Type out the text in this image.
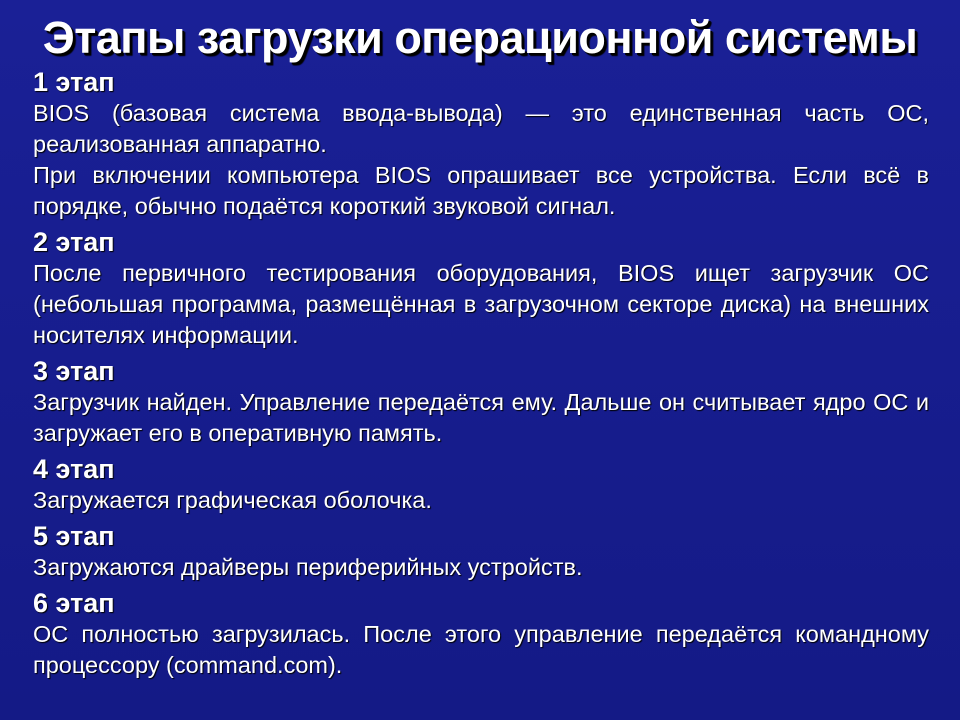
Этапы загрузки операционной системы
1 этап
BIOS (базовая система ввода-вывода) — это единственная часть ОС, реализованная аппаратно.
При включении компьютера BIOS опрашивает все устройства. Если всё в порядке, обычно подаётся короткий звуковой сигнал.
2 этап
После первичного тестирования оборудования, BIOS ищет загрузчик ОС (небольшая программа, размещённая в загрузочном секторе диска) на внешних носителях информации.
3 этап
Загрузчик найден. Управление передаётся ему. Дальше он считывает ядро ОС и загружает его в оперативную память.
4 этап
Загружается графическая оболочка.
5 этап
Загружаются драйверы периферийных устройств.
6 этап
ОС полностью загрузилась. После этого управление передаётся командному процессору (command.com).
